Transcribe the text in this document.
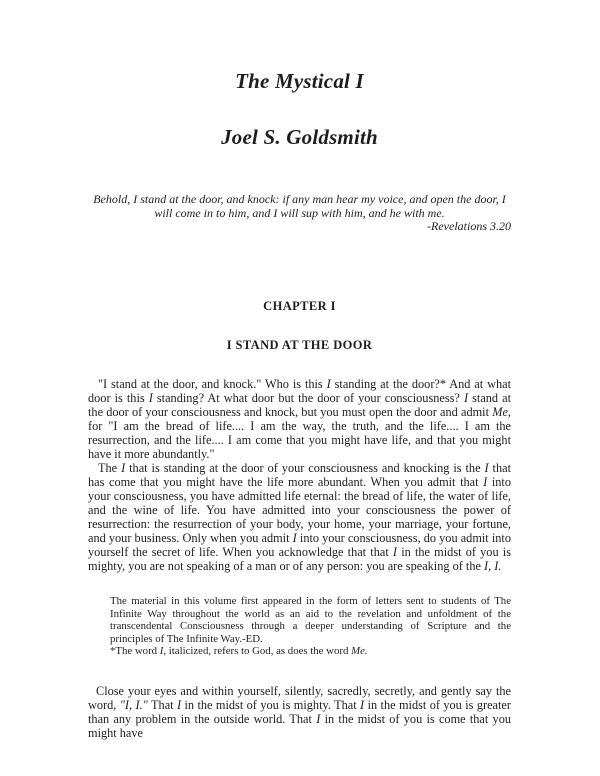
The Mystical I
Joel S. Goldsmith
Behold, I stand at the door, and knock: if any man hear my voice, and open the door, I will come in to him, and I will sup with him, and he with me.
-Revelations 3.20
CHAPTER I
I STAND AT THE DOOR

"I stand at the door, and knock." Who is this I standing at the door?* And at what door is this I standing? At what door but the door of your consciousness? I stand at the door of your consciousness and knock, but you must open the door and admit Me, for "I am the bread of life.... I am the way, the truth, and the life.... I am the resurrection, and the life.... I am come that you might have life, and that you might have it more abundantly."

The I that is standing at the door of your consciousness and knocking is the I that has come that you might have the life more abundant. When you admit that I into your consciousness, you have admitted life eternal: the bread of life, the water of life, and the wine of life. You have admitted into your consciousness the power of resurrection: the resurrection of your body, your home, your marriage, your fortune, and your business. Only when you admit I into your consciousness, do you admit into yourself the secret of life. When you acknowledge that that I in the midst of you is mighty, you are not speaking of a man or of any person: you are speaking of the I, I.

The material in this volume first appeared in the form of letters sent to students of The Infinite Way throughout the world as an aid to the revelation and unfoldment of the transcendental Consciousness through a deeper understanding of Scripture and the principles of The Infinite Way.-ED.

*The word I, italicized, refers to God, as does the word Me.

Close your eyes and within yourself, silently, sacredly, secretly, and gently say the word, "I, I." That I in the midst of you is mighty. That I in the midst of you is greater than any problem in the outside world. That I in the midst of you is come that you might have
